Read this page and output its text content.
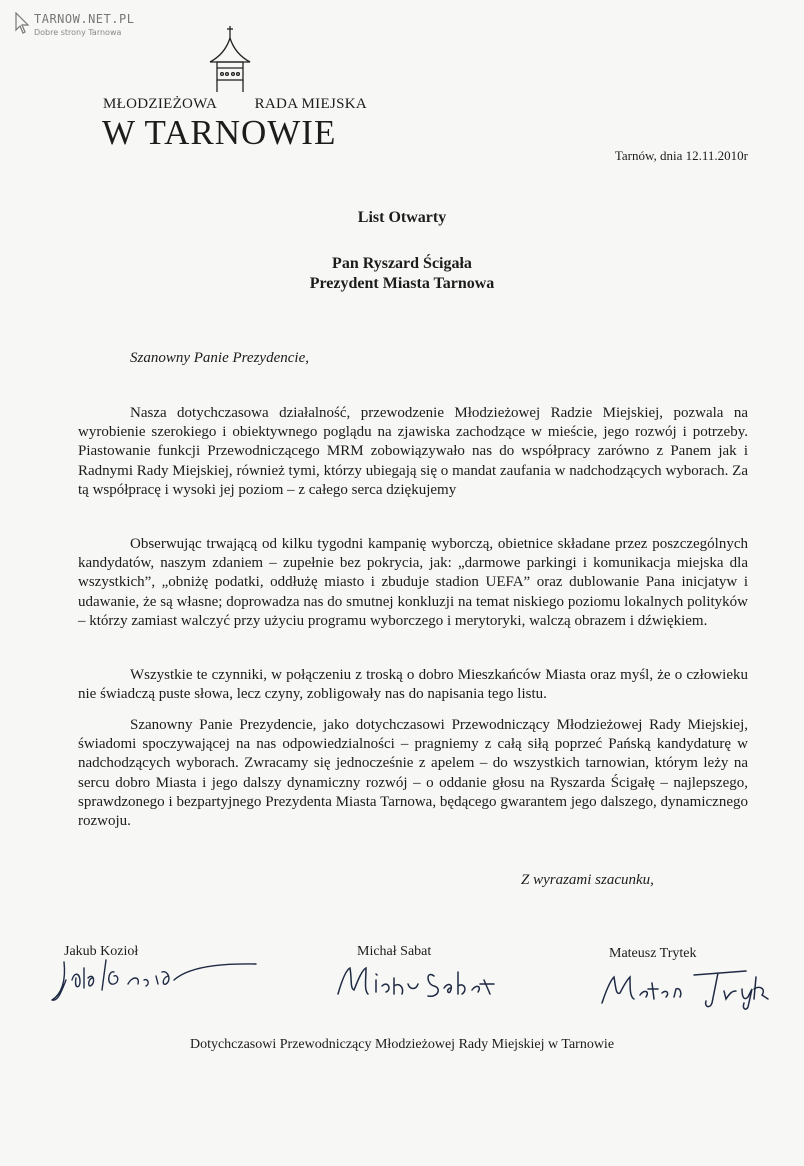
TARNOW.NET.PL
Dobre strony Tarnowa
MŁODZIEŻOWA	RADA MIEJSKA
W TARNOWIE
Tarnów, dnia 12.11.2010r
List Otwarty
Pan Ryszard Ścigała
Prezydent Miasta Tarnowa
Szanowny Panie Prezydencie,

Nasza dotychczasowa działalność, przewodzenie Młodzieżowej Radzie Miejskiej, pozwala na wyrobienie szerokiego i obiektywnego poglądu na zjawiska zachodzące w mieście, jego rozwój i potrzeby. Piastowanie funkcji Przewodniczącego MRM zobowiązywało nas do współpracy zarówno z Panem jak i Radnymi Rady Miejskiej, również tymi, którzy ubiegają się o mandat zaufania w nadchodzących wyborach. Za tą współpracę i wysoki jej poziom – z całego serca dziękujemy

Obserwując trwającą od kilku tygodni kampanię wyborczą, obietnice składane przez poszczególnych kandydatów, naszym zdaniem – zupełnie bez pokrycia, jak: „darmowe parkingi i komunikacja miejska dla wszystkich”, „obniżę podatki, oddłużę miasto i zbuduje stadion UEFA” oraz dublowanie Pana inicjatyw i udawanie, że są własne; doprowadza nas do smutnej konkluzji na temat niskiego poziomu lokalnych polityków – którzy zamiast walczyć przy użyciu programu wyborczego i merytoryki, walczą obrazem i dźwiękiem.

Wszystkie te czynniki, w połączeniu z troską o dobro Mieszkańców Miasta oraz myśl, że o człowieku nie świadczą puste słowa, lecz czyny, zobligowały nas do napisania tego listu.

Szanowny Panie Prezydencie, jako dotychczasowi Przewodniczący Młodzieżowej Rady Miejskiej, świadomi spoczywającej na nas odpowiedzialności – pragniemy z całą siłą poprzeć Pańską kandydaturę w nadchodzących wyborach. Zwracamy się jednocześnie z apelem – do wszystkich tarnowian, którym leży na sercu dobro Miasta i jego dalszy dynamiczny rozwój – o oddanie głosu na Ryszarda Ścigałę – najlepszego, sprawdzonego i bezpartyjnego Prezydenta Miasta Tarnowa, będącego gwarantem jego dalszego, dynamicznego rozwoju.

Z wyrazami szacunku,
Jakub Kozioł	Michał Sabat	Mateusz Trytek
Dotychczasowi Przewodniczący Młodzieżowej Rady Miejskiej w Tarnowie
